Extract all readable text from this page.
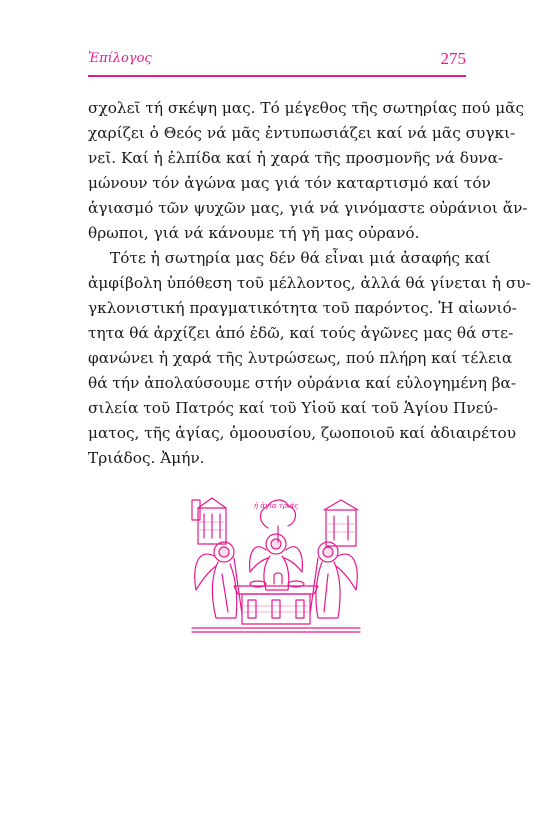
Ἐπίλογος	275
σχολεῖ τή σκέψη μας. Τό μέγεθος τῆς σωτηρίας πού μᾶς
χαρίζει ὁ Θεός νά μᾶς ἐντυπωσιάζει καί νά μᾶς συγκι-
νεῖ. Καί ἡ ἐλπίδα καί ἡ χαρά τῆς προσμονῆς νά δυνα-
μώνουν τόν ἀγώνα μας γιά τόν καταρτισμό καί τόν
ἁγιασμό τῶν ψυχῶν μας, γιά νά γινόμαστε οὐράνιοι ἄν-
θρωποι, γιά νά κάνουμε τή γῆ μας οὐρανό.
Τότε ἡ σωτηρία μας δέν θά εἶναι μιά ἀσαφής καί
ἀμφίβολη ὑπόθεση τοῦ μέλλοντος, ἀλλά θά γίνεται ἡ συ-
γκλονιστική πραγματικότητα τοῦ παρόντος. Ἡ αἰωνιό-
τητα θά ἀρχίζει ἀπό ἐδῶ, καί τούς ἀγῶνες μας θά στε-
φανώνει ἡ χαρά τῆς λυτρώσεως, πού πλήρη καί τέλεια
θά τήν ἀπολαύσουμε στήν οὐράνια καί εὐλογημένη βα-
σιλεία τοῦ Πατρός καί τοῦ Υἱοῦ καί τοῦ Ἁγίου Πνεύ-
ματος, τῆς ἁγίας, ὁμοουσίου, ζωοποιοῦ καί ἀδιαιρέτου
Τριάδος. Ἀμήν.
ἡ ἁγία τριάς
